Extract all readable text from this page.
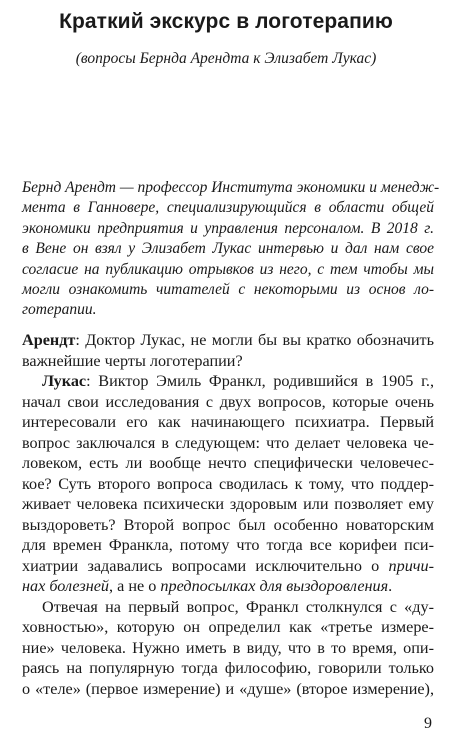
Краткий экскурс в логотерапию

(вопросы Бернда Арендта к Элизабет Лукас)

Бернд Арендт — профессор Института экономики и менедж-
мента в Ганновере, специализирующийся в области общей
экономики предприятия и управления персоналом. В 2018 г.
в Вене он взял у Элизабет Лукас интервью и дал нам свое
согласие на публикацию отрывков из него, с тем чтобы мы
могли ознакомить читателей с некоторыми из основ ло-
готерапии.

Арендт: Доктор Лукас, не могли бы вы кратко обозначить
важнейшие черты логотерапии?
Лукас: Виктор Эмиль Франкл, родившийся в 1905 г.,
начал свои исследования с двух вопросов, которые очень
интересовали его как начинающего психиатра. Первый
вопрос заключался в следующем: что делает человека че-
ловеком, есть ли вообще нечто специфически человечес-
кое? Суть второго вопроса сводилась к тому, что поддер-
живает человека психически здоровым или позволяет ему
выздороветь? Второй вопрос был особенно новаторским
для времен Франкла, потому что тогда все корифеи пси-
хиатрии задавались вопросами исключительно о причи-
нах болезней, а не о предпосылках для выздоровления.
Отвечая на первый вопрос, Франкл столкнулся с «ду-
ховностью», которую он определил как «третье измере-
ние» человека. Нужно иметь в виду, что в то время, опи-
раясь на популярную тогда философию, говорили только
о «теле» (первое измерение) и «душе» (второе измерение),
9
